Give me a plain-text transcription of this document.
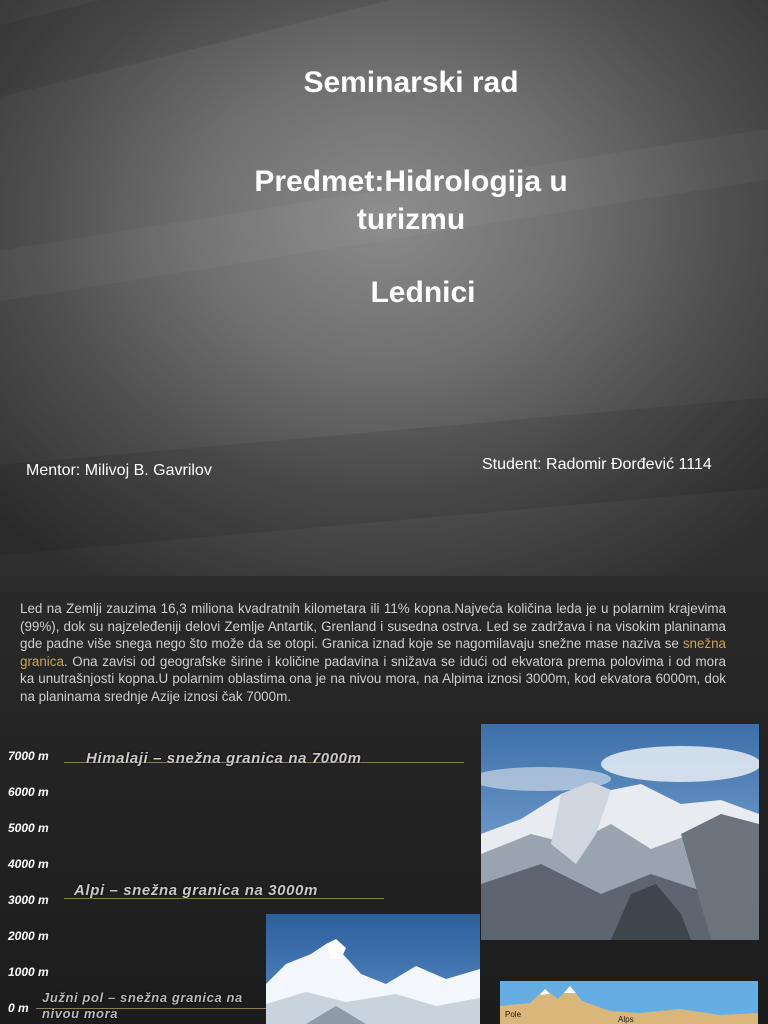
Seminarski rad
Predmet:Hidrologija u
turizmu
Lednici
Mentor: Milivoj B. Gavrilov	Student: Radomir Đorđević 1114
Led na Zemlji zauzima 16,3 miliona kvadratnih kilometara ili 11% kopna.Najveća količina leda je u polarnim krajevima (99%), dok su najzeleđeniji delovi Zemlje Antartik, Grenland i susedna ostrva. Led se zadržava i na visokim planinama gde padne više snega nego što može da se otopi. Granica iznad koje se nagomilavaju snežne mase naziva se snežna granica. Ona zavisi od geografske širine i količine padavina i snižava se idući od ekvatora prema polovima i od mora ka unutrašnjosti kopna.U polarnim oblastima ona je na nivou mora, na Alpima iznosi 3000m, kod ekvatora 6000m, dok na planinama srednje Azije iznosi čak 7000m.
7000 m
6000 m
5000 m
4000 m
3000 m
2000 m
1000 m
0 m
Himalaji – snežna granica na 7000m
Alpi – snežna granica na 3000m
Južni pol – snežna granica na
nivou mora	Pole
Alps
